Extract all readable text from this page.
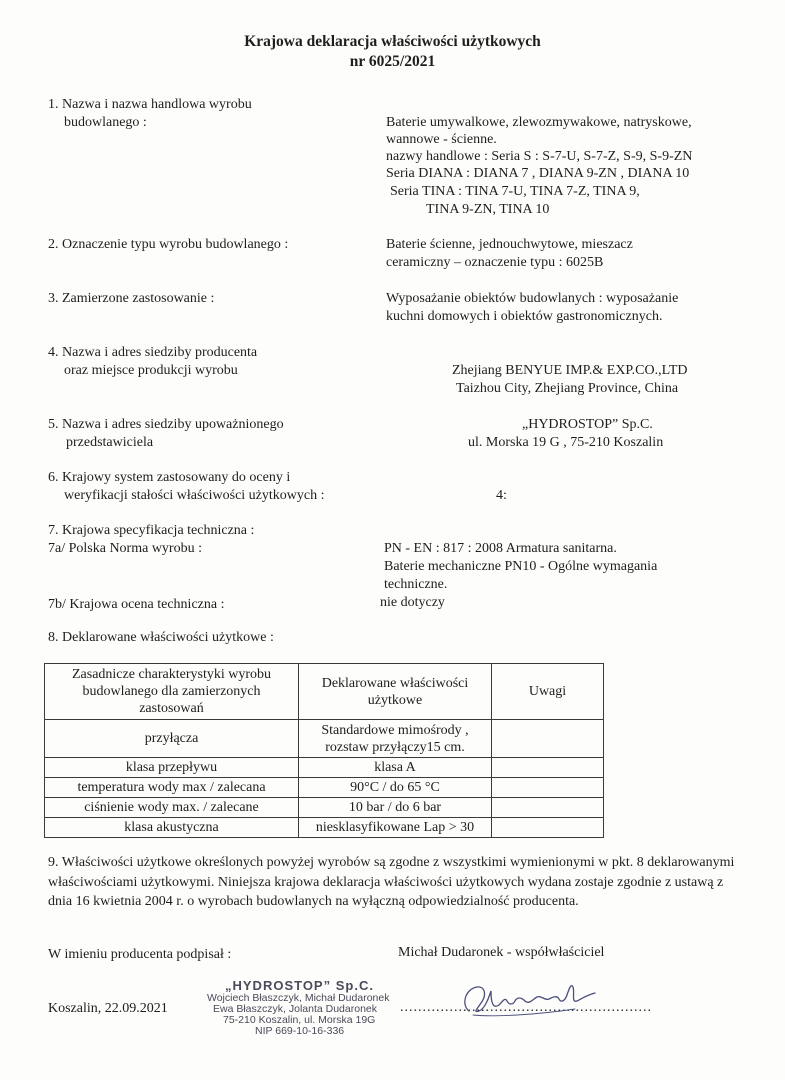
Krajowa deklaracja właściwości użytkowych
nr 6025/2021
1. Nazwa i nazwa handlowa wyrobu
budowlanego :	Baterie umywalkowe, zlewozmywakowe, natryskowe,
wannowe - ścienne.
nazwy handlowe : Seria S : S-7-U, S-7-Z, S-9, S-9-ZN
Seria DIANA : DIANA 7 , DIANA 9-ZN , DIANA 10
Seria TINA : TINA 7-U, TINA 7-Z, TINA 9,
TINA 9-ZN, TINA 10
2. Oznaczenie typu wyrobu budowlanego :	Baterie ścienne, jednouchwytowe, mieszacz
ceramiczny – oznaczenie typu : 6025B
3. Zamierzone zastosowanie :	Wyposażanie obiektów budowlanych : wyposażanie
kuchni domowych i obiektów gastronomicznych.
4. Nazwa i adres siedziby producenta
oraz miejsce produkcji wyrobu	Zhejiang BENYUE IMP.& EXP.CO.,LTD
Taizhou City, Zhejiang Province, China
5. Nazwa i adres siedziby upoważnionego
przedstawiciela
„HYDROSTOP” Sp.C.
ul. Morska 19 G , 75-210 Koszalin
6. Krajowy system zastosowany do oceny i
weryfikacji stałości właściwości użytkowych :	4:
7. Krajowa specyfikacja techniczna :
7a/ Polska Norma wyrobu :	PN - EN : 817 : 2008 Armatura sanitarna.
Baterie mechaniczne PN10 - Ogólne wymagania
techniczne.
7b/ Krajowa ocena techniczna :	nie dotyczy
8. Deklarowane właściwości użytkowe :
Zasadnicze charakterystyki wyrobu budowlanego dla zamierzonych zastosowań	Deklarowane właściwości użytkowe	Uwagi
przyłącza	Standardowe mimośrody , rozstaw przyłączy15 cm.	
klasa przepływu	klasa A	
temperatura wody max / zalecana	90°C / do 65 °C	
ciśnienie wody max. / zalecane	10 bar / do 6 bar	
klasa akustyczna	niesklasyfikowane Lap > 30	
9. Właściwości użytkowe określonych powyżej wyrobów są zgodne z wszystkimi wymienionymi w pkt. 8 deklarowanymi właściwościami użytkowymi. Niniejsza krajowa deklaracja właściwości użytkowych wydana zostaje zgodnie z ustawą z dnia 16 kwietnia 2004 r. o wyrobach budowlanych na wyłączną odpowiedzialność producenta.
W imieniu producenta podpisał :	Michał Dudaronek - współwłaściciel
Koszalin, 22.09.2021	........................................................
„HYDROSTOP” Sp.C.
Wojciech Błaszczyk, Michał Dudaronek
Ewa Błaszczyk, Jolanta Dudaronek
75-210 Koszalin, ul. Morska 19G
NIP 669-10-16-336
